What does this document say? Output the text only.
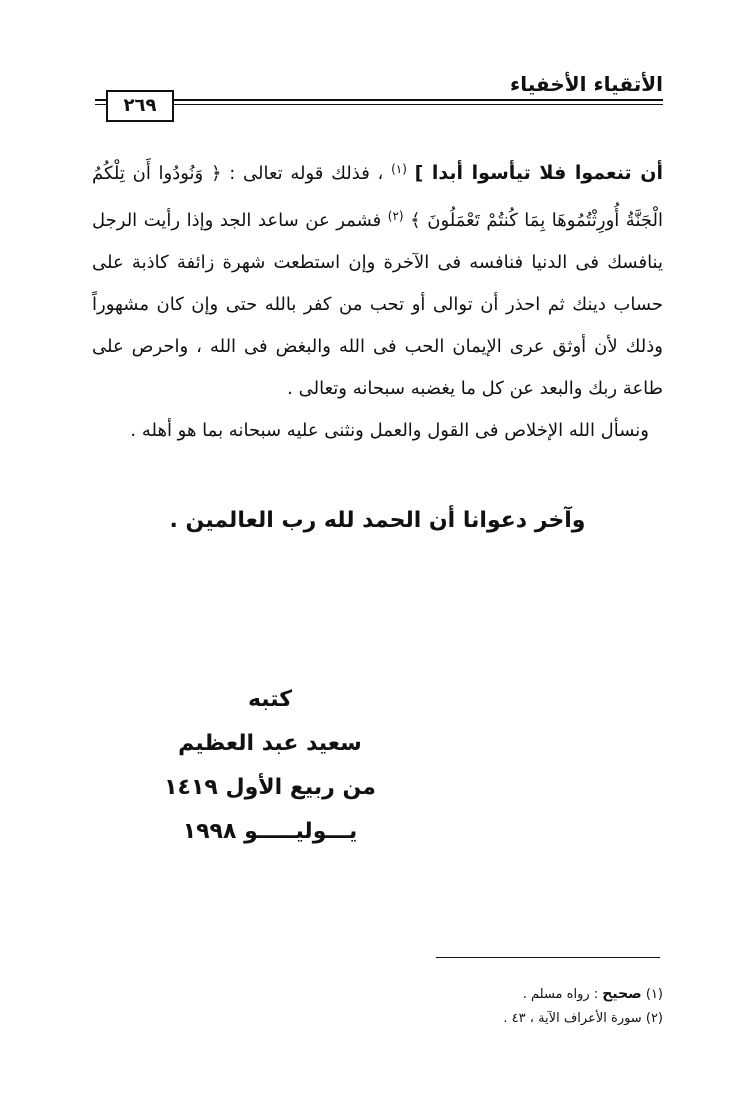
الأتقياء الأخفياء
٢٦٩

أن تنعموا فلا تيأسوا أبدا ] $^{(١)}$ ، فذلك قوله تعالى : ﴿ وَنُودُوا أَن تِلْكُمُ الْجَنَّةُ أُورِثْتُمُوهَا بِمَا كُنتُمْ تَعْمَلُونَ ﴾ $^{(٢)}$ فشمر عن ساعد الجد وإذا رأيت الرجل ينافسك فى الدنيا فنافسه فى الآخرة وإن استطعت شهرة زائفة كاذبة على حساب دينك ثم احذر أن توالى أو تحب من كفر بالله حتى وإن كان مشهوراً وذلك لأن أوثق عرى الإيمان الحب فى الله والبغض فى الله ، واحرص على طاعة ربك والبعد عن كل ما يغضبه سبحانه وتعالى .

ونسأل الله الإخلاص فى القول والعمل ونثنى عليه سبحانه بما هو أهله .

وآخر دعوانا أن الحمد لله رب العالمين .
كتبه
سعيد عبد العظيم
من ربيع الأول ١٤١٩
يـــوليـــــو ١٩٩٨
(١) صحيح : رواه مسلم .
(٢) سورة الأعراف الآية ، ٤٣ .
